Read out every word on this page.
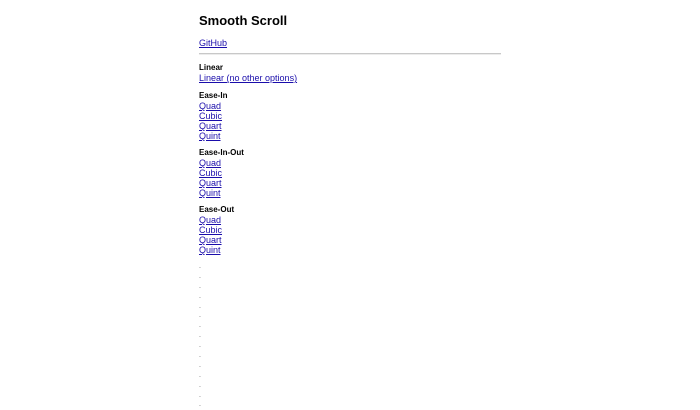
Smooth Scroll
GitHub
Linear
Linear (no other options)
Ease-In
Quad
Cubic
Quart
Quint
Ease-In-Out
Quad
Cubic
Quart
Quint
Ease-Out
Quad
Cubic
Quart
Quint
.
.
.
.
.
.
.
.
.
.
.
.
.
.
.
